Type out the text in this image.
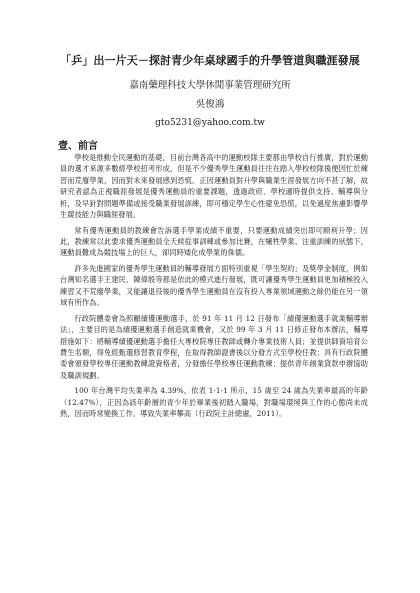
「乒」出一片天－探討青少年桌球國手的升學管道與職涯發展
嘉南藥理科技大學休閒事業管理研究所
吳俊鴻
gto5231@yahoo.com.tw
壹、前言

學校是推動全民運動的基礎，目前台灣各高中的運動校隊主要都由學校自行推廣，對於運動員的選才來源多數經學校招考形成，但是不少優秀學生運動員往往在踏入學校校隊後便因忙於練習而荒廢學業，因而對未來發展感到恐慌。正因運動員對升學與職業生涯發展方向不甚了解，故研究者認為正視職涯發展是優秀運動員的重要課題，透過政府、學校適時提供支持、輔導與分析，及早針對問題準備或接受職業發展訓練，即可穩定學生心性避免恐慌，以免過度焦慮影響學生競技能力與職涯發展。

常有優秀運動員的教練會告訴選手學業成績不重要，只要運動成績突出即可順利升學；因此，教練常以此要求優秀運動員全天候從事訓練或參加比賽，在犧牲學業、注重訓練的狀態下，運動員難成為競技場上的巨人，卻同時矮化成學業的侏儒。

許多先進國家的優秀學生運動員的輔導發展方面特別重視「學生契約」及獎學金制度，例如台灣知名選手王建民、陳偉殷等都是依此的模式進行發展，既可讓優秀學生運動員更加積極投入練習又不荒廢學業，又能讓退役後的優秀學生運動員在沒有投入專業領域運動之餘仍能在另一領域有所作為。

行政院體委會為照顧績優運動選手，於 91 年 11 月 12 日發布「績優運動選手就業輔導辦法」，主要目的是為績優運動選手創造就業機會，又於 99 年 3 月 11 日修正發布本辦法，輔導措施如下：將輔導績優運動選手擔任大專校院專任教師或轉介專業技術人員；並提供師資培育公費生名額，得免經甄選修習教育學程，在取得教師證書後以分發方式至學校任教；具有行政院體委會頒發學校專任運動教練證資格者，分發擔任學校專任運動教練；提供青年創業貸款申辦協助及職訓規劃。

100 年台灣平均失業率為 4.39%，依表 1-1-1 所示，15 歲至 24 歲為失業率最高的年齡（12.47%），正因為該年齡層的青少年於畢業後初踏入職場，對職場環境與工作的心態尚未成熟，因而時常變換工作，導致失業率攀高（行政院主計總處，2011）。
